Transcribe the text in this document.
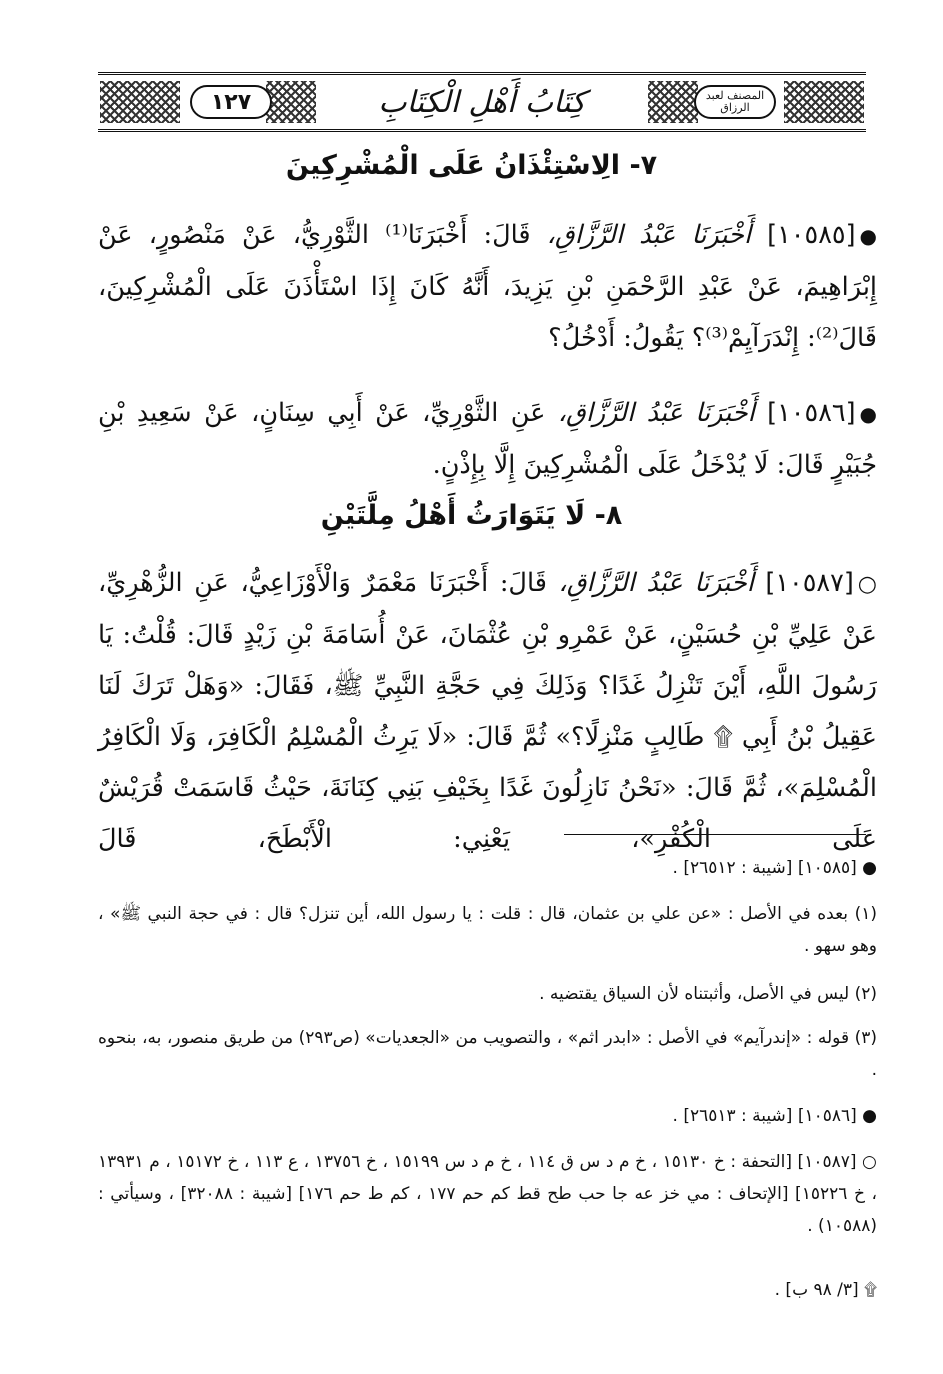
المصنف لعبد الرزاق
كِتَابُ أَهْلِ الْكِتَابِ
١٢٧
٧- الِاسْتِئْذَانُ عَلَى الْمُشْرِكِينَ
●[١٠٥٨٥] أَخْبَرَنَا عَبْدُ الرَّزَّاقِ، قَالَ: أَخْبَرَنَا⁽¹⁾ الثَّوْرِيُّ، عَنْ مَنْصُورٍ، عَنْ إِبْرَاهِيمَ، عَنْ عَبْدِ الرَّحْمَنِ بْنِ يَزِيدَ، أَنَّهُ كَانَ إِذَا اسْتَأْذَنَ عَلَى الْمُشْرِكِينَ، قَالَ⁽²⁾: إِنْدَرَآيِمْ⁽³⁾؟ يَقُولُ: أَدْخُلُ؟
●[١٠٥٨٦] أَخْبَرَنَا عَبْدُ الرَّزَّاقِ، عَنِ الثَّوْرِيِّ، عَنْ أَبِي سِنَانٍ، عَنْ سَعِيدِ بْنِ جُبَيْرٍ قَالَ: لَا يُدْخَلُ عَلَى الْمُشْرِكِينَ إِلَّا بِإِذْنٍ.
٨- لَا يَتَوَارَثُ أَهْلُ مِلَّتَيْنِ
○[١٠٥٨٧] أَخْبَرَنَا عَبْدُ الرَّزَّاقِ، قَالَ: أَخْبَرَنَا مَعْمَرٌ وَالْأَوْزَاعِيُّ، عَنِ الزُّهْرِيِّ، عَنْ عَلِيِّ بْنِ حُسَيْنٍ، عَنْ عَمْرِو بْنِ عُثْمَانَ، عَنْ أُسَامَةَ بْنِ زَيْدٍ قَالَ: قُلْتُ: يَا رَسُولَ اللَّهِ، أَيْنَ تَنْزِلُ غَدًا؟ وَذَلِكَ فِي حَجَّةِ النَّبِيِّ ﷺ، فَقَالَ: «وَهَلْ تَرَكَ لَنَا عَقِيلُ بْنُ أَبِي ۩ طَالِبٍ مَنْزِلًا؟» ثُمَّ قَالَ: «لَا يَرِثُ الْمُسْلِمُ الْكَافِرَ، وَلَا الْكَافِرُ الْمُسْلِمَ»، ثُمَّ قَالَ: «نَحْنُ نَازِلُونَ غَدًا بِخَيْفِ بَنِي كِنَانَةَ، حَيْثُ قَاسَمَتْ قُرَيْشٌ عَلَى الْكُفْرِ»، يَعْنِي: الْأَبْطَحَ، قَالَ
● [١٠٥٨٥] [شيبة : ٢٦٥١٢] .
(١) بعده في الأصل : «عن علي بن عثمان، قال : قلت : يا رسول الله، أين تنزل؟ قال : في حجة النبي ﷺ» ، وهو سهو .
(٢) ليس في الأصل، وأثبتناه لأن السياق يقتضيه .
(٣) قوله : «إندرآيم» في الأصل : «ابدر اثم» ، والتصويب من «الجعديات» (ص٢٩٣) من طريق منصور، به، بنحوه .
● [١٠٥٨٦] [شيبة : ٢٦٥١٣] .
○ [١٠٥٨٧] [التحفة : خ ١٥١٣٠ ، خ م د س ق ١١٤ ، خ م د س ١٥١٩٩ ، خ ١٣٧٥٦ ، ع ١١٣ ، خ ١٥١٧٢ ، م ١٣٩٣١ ، خ ١٥٢٢٦] [الإتحاف : مي خز عه جا حب طح قط كم حم ١٧٧ ، كم ط حم ١٧٦] [شيبة : ٣٢٠٨٨] ، وسيأتي : (١٠٥٨٨) .
۩ [٣/ ٩٨ ب] .
